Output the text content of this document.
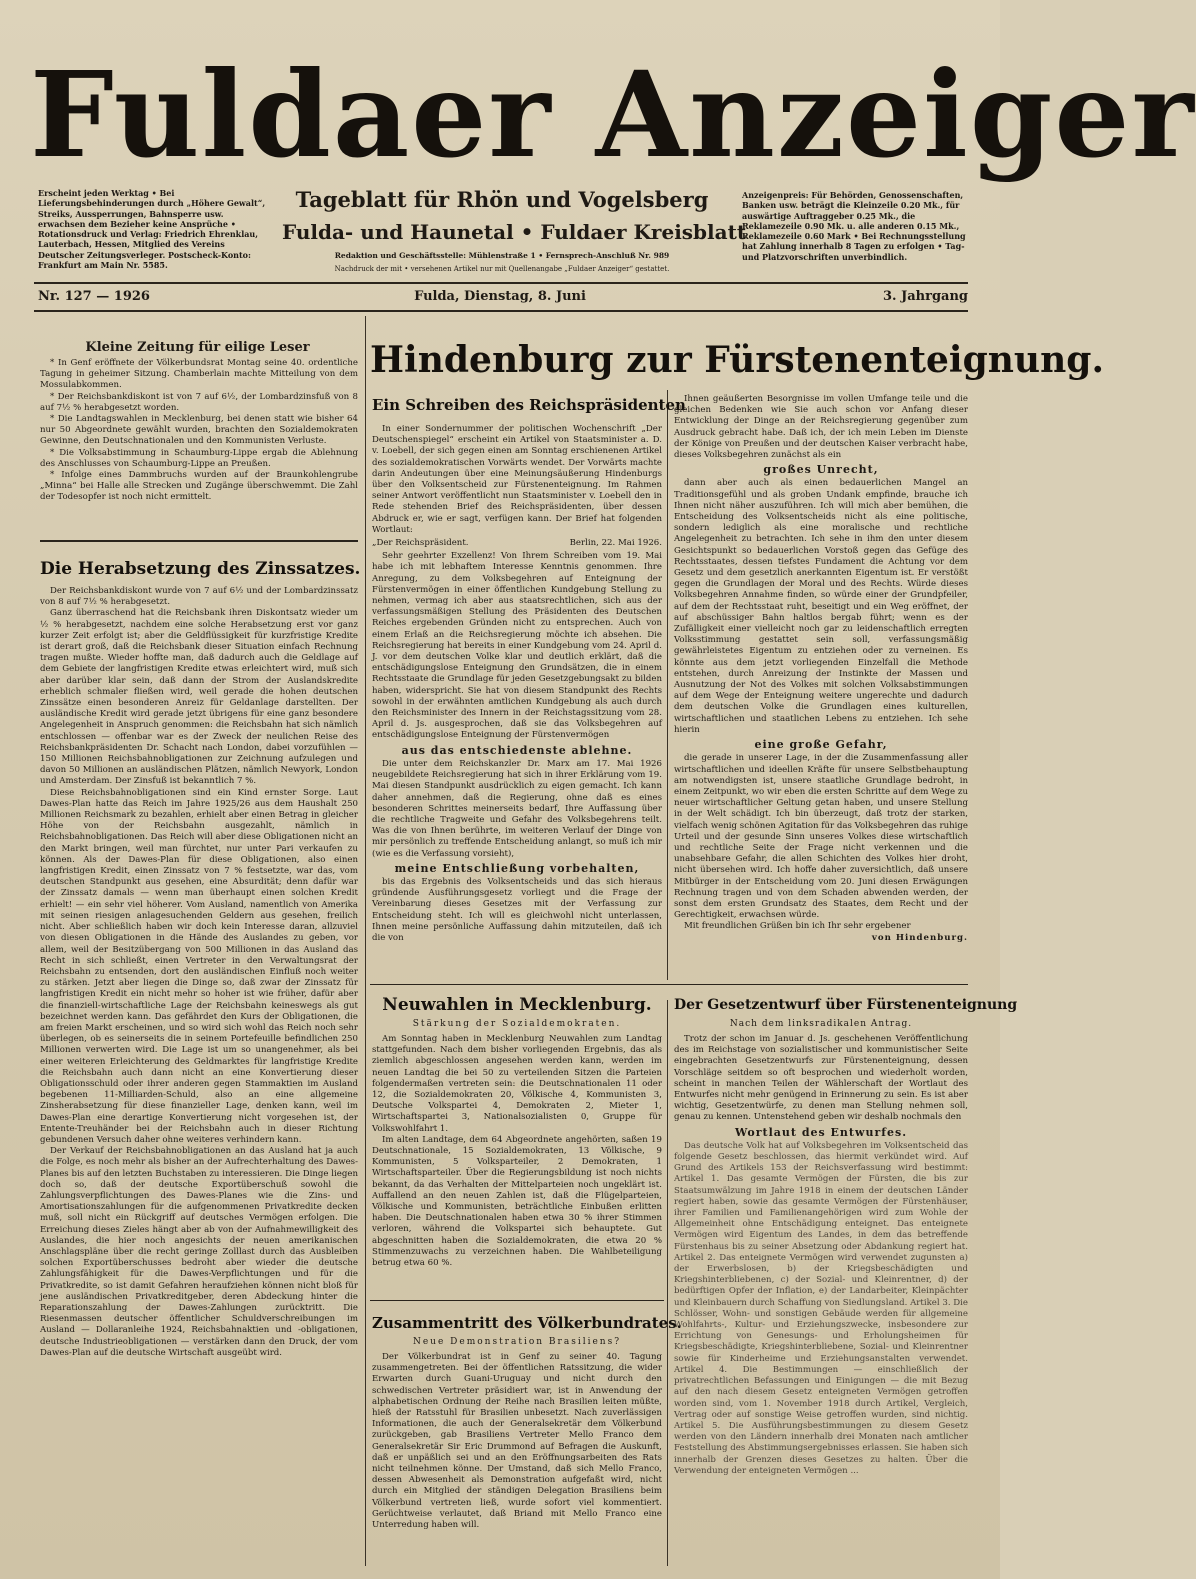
Fuldaer Anzeiger
Erscheint jeden Werktag • Bei Lieferungsbehinderungen durch „Höhere Gewalt“, Streiks, Aussperrungen, Bahnsperre usw. erwachsen dem Bezieher keine Ansprüche • Rotationsdruck und Verlag: Friedrich Ehrenklau, Lauterbach, Hessen, Mitglied des Vereins Deutscher Zeitungsverleger. Postscheck-Konto: Frankfurt am Main Nr. 5585.
Tageblatt für Rhön und Vogelsberg
Fulda- und Haunetal • Fuldaer Kreisblatt
Redaktion und Geschäftsstelle: Mühlenstraße 1 • Fernsprech-Anschluß Nr. 989
Nachdruck der mit • versehenen Artikel nur mit Quellenangabe „Fuldaer Anzeiger“ gestattet.
Anzeigenpreis: Für Behörden, Genossenschaften, Banken usw. beträgt die Kleinzeile 0.20 Mk., für auswärtige Auftraggeber 0.25 Mk., die Reklamezeile 0.90 Mk. u. alle anderen 0.15 Mk., Reklamezeile 0.60 Mark • Bei Rechnungsstellung hat Zahlung innerhalb 8 Tagen zu erfolgen • Tag- und Platzvorschriften unverbindlich.
Nr. 127 — 1926	Fulda, Dienstag, 8. Juni	3. Jahrgang
Kleine Zeitung für eilige Leser

* In Genf eröffnete der Völkerbundsrat Montag seine 40. ordentliche Tagung in geheimer Sitzung. Chamberlain machte Mitteilung von dem Mossulabkommen.

* Der Reichsbankdiskont ist von 7 auf 6½, der Lombardzinsfuß von 8 auf 7½ % herabgesetzt worden.

* Die Landtagswahlen in Mecklenburg, bei denen statt wie bisher 64 nur 50 Abgeordnete gewählt wurden, brachten den Sozialdemokraten Gewinne, den Deutschnationalen und den Kommunisten Verluste.

* Die Volksabstimmung in Schaumburg-Lippe ergab die Ablehnung des Anschlusses von Schaumburg-Lippe an Preußen.

* Infolge eines Dammbruchs wurden auf der Braunkohlengrube „Minna“ bei Halle alle Strecken und Zugänge überschwemmt. Die Zahl der Todesopfer ist noch nicht ermittelt.

Die Herabsetzung des Zinssatzes.

Der Reichsbankdiskont wurde von 7 auf 6½ und der Lombardzinssatz von 8 auf 7½ % herabgesetzt.

Ganz überraschend hat die Reichsbank ihren Diskontsatz wieder um ½ % herabgesetzt, nachdem eine solche Herabsetzung erst vor ganz kurzer Zeit erfolgt ist; aber die Geldflüssigkeit für kurzfristige Kredite ist derart groß, daß die Reichsbank dieser Situation einfach Rechnung tragen mußte. Wieder hoffte man, daß dadurch auch die Geldlage auf dem Gebiete der langfristigen Kredite etwas erleichtert wird, muß sich aber darüber klar sein, daß dann der Strom der Auslandskredite erheblich schmaler fließen wird, weil gerade die hohen deutschen Zinssätze einen besonderen Anreiz für Geldanlage darstellten. Der ausländische Kredit wird gerade jetzt übrigens für eine ganz besondere Angelegenheit in Anspruch genommen: die Reichsbahn hat sich nämlich entschlossen — offenbar war es der Zweck der neulichen Reise des Reichsbankpräsidenten Dr. Schacht nach London, dabei vorzufühlen — 150 Millionen Reichsbahnobligationen zur Zeichnung aufzulegen und davon 50 Millionen an ausländischen Plätzen, nämlich Newyork, London und Amsterdam. Der Zinsfuß ist bekanntlich 7 %.

Diese Reichsbahnobligationen sind ein Kind ernster Sorge. Laut Dawes-Plan hatte das Reich im Jahre 1925/26 aus dem Haushalt 250 Millionen Reichsmark zu bezahlen, erhielt aber einen Betrag in gleicher Höhe von der Reichsbahn ausgezahlt, nämlich in Reichsbahnobligationen. Das Reich will aber diese Obligationen nicht an den Markt bringen, weil man fürchtet, nur unter Pari verkaufen zu können. Als der Dawes-Plan für diese Obligationen, also einen langfristigen Kredit, einen Zinssatz von 7 % festsetzte, war das, vom deutschen Standpunkt aus gesehen, eine Absurdität; denn dafür war der Zinssatz damals — wenn man überhaupt einen solchen Kredit erhielt! — ein sehr viel höherer. Vom Ausland, namentlich von Amerika mit seinen riesigen anlagesuchenden Geldern aus gesehen, freilich nicht. Aber schließlich haben wir doch kein Interesse daran, allzuviel von diesen Obligationen in die Hände des Auslandes zu geben, vor allem, weil der Besitzübergang von 500 Millionen in das Ausland das Recht in sich schließt, einen Vertreter in den Verwaltungsrat der Reichsbahn zu entsenden, dort den ausländischen Einfluß noch weiter zu stärken. Jetzt aber liegen die Dinge so, daß zwar der Zinssatz für langfristigen Kredit ein nicht mehr so hoher ist wie früher, dafür aber die finanziell-wirtschaftliche Lage der Reichsbahn keineswegs als gut bezeichnet werden kann. Das gefährdet den Kurs der Obligationen, die am freien Markt erscheinen, und so wird sich wohl das Reich noch sehr überlegen, ob es seinerseits die in seinem Portefeuille befindlichen 250 Millionen verwerten wird. Die Lage ist um so unangenehmer, als bei einer weiteren Erleichterung des Geldmarktes für langfristige Kredite die Reichsbahn auch dann nicht an eine Konvertierung dieser Obligationsschuld oder ihrer anderen gegen Stammaktien im Ausland begebenen 11-Milliarden-Schuld, also an eine allgemeine Zinsherabsetzung für diese finanzieller Lage, denken kann, weil im Dawes-Plan eine derartige Konvertierung nicht vorgesehen ist, der Entente-Treuhänder bei der Reichsbahn auch in dieser Richtung gebundenen Versuch daher ohne weiteres verhindern kann.

Der Verkauf der Reichsbahnobligationen an das Ausland hat ja auch die Folge, es noch mehr als bisher an der Aufrechterhaltung des Dawes-Planes bis auf den letzten Buchstaben zu interessieren. Die Dinge liegen doch so, daß der deutsche Exportüberschuß sowohl die Zahlungsverpflichtungen des Dawes-Planes wie die Zins- und Amortisationszahlungen für die aufgenommenen Privatkredite decken muß, soll nicht ein Rückgriff auf deutsches Vermögen erfolgen. Die Erreichung dieses Zieles hängt aber ab von der Aufnahmewilligkeit des Auslandes, die hier noch angesichts der neuen amerikanischen Anschlagspläne über die recht geringe Zolllast durch das Ausbleiben solchen Exportüberschusses bedroht aber wieder die deutsche Zahlungsfähigkeit für die Dawes-Verpflichtungen und für die Privatkredite, so ist damit Gefahren heraufziehen können nicht bloß für jene ausländischen Privatkreditgeber, deren Abdeckung hinter die Reparationszahlung der Dawes-Zahlungen zurücktritt. Die Riesenmassen deutscher öffentlicher Schuldverschreibungen im Ausland — Dollaranleihe 1924, Reichsbahnaktien und -obligationen, deutsche Industrieobligationen — verstärken dann den Druck, der vom Dawes-Plan auf die deutsche Wirtschaft ausgeübt wird.

Hindenburg zur Fürstenenteignung.
Ein Schreiben des Reichspräsidenten

In einer Sondernummer der politischen Wochenschrift „Der Deutschenspiegel“ erscheint ein Artikel von Staatsminister a. D. v. Loebell, der sich gegen einen am Sonntag erschienenen Artikel des sozialdemokratischen Vorwärts wendet. Der Vorwärts machte darin Andeutungen über eine Meinungsäußerung Hindenburgs über den Volksentscheid zur Fürstenenteignung. Im Rahmen seiner Antwort veröffentlicht nun Staatsminister v. Loebell den in Rede stehenden Brief des Reichspräsidenten, über dessen Abdruck er, wie er sagt, verfügen kann. Der Brief hat folgenden Wortlaut:

„Der Reichspräsident.	Berlin, 22. Mai 1926.

Sehr geehrter Exzellenz! Von Ihrem Schreiben vom 19. Mai habe ich mit lebhaftem Interesse Kenntnis genommen. Ihre Anregung, zu dem Volksbegehren auf Enteignung der Fürstenvermögen in einer öffentlichen Kundgebung Stellung zu nehmen, vermag ich aber aus staatsrechtlichen, sich aus der verfassungsmäßigen Stellung des Präsidenten des Deutschen Reiches ergebenden Gründen nicht zu entsprechen. Auch von einem Erlaß an die Reichsregierung möchte ich absehen. Die Reichsregierung hat bereits in einer Kundgebung vom 24. April d. J. vor dem deutschen Volke klar und deutlich erklärt, daß die entschädigungslose Enteignung den Grundsätzen, die in einem Rechtsstaate die Grundlage für jeden Gesetzgebungsakt zu bilden haben, widerspricht. Sie hat von diesem Standpunkt des Rechts sowohl in der erwähnten amtlichen Kundgebung als auch durch den Reichsminister des Innern in der Reichstagssitzung vom 28. April d. Js. ausgesprochen, daß sie das Volksbegehren auf entschädigungslose Enteignung der Fürstenvermögen

aus das entschiedenste ablehne.

Die unter dem Reichskanzler Dr. Marx am 17. Mai 1926 neugebildete Reichsregierung hat sich in ihrer Erklärung vom 19. Mai diesen Standpunkt ausdrücklich zu eigen gemacht. Ich kann daher annehmen, daß die Regierung, ohne daß es eines besonderen Schrittes meinerseits bedarf, Ihre Auffassung über die rechtliche Tragweite und Gefahr des Volksbegehrens teilt. Was die von Ihnen berührte, im weiteren Verlauf der Dinge von mir persönlich zu treffende Entscheidung anlangt, so muß ich mir (wie es die Verfassung vorsieht),

meine Entschließung vorbehalten,

bis das Ergebnis des Volksentscheids und das sich hieraus gründende Ausführungsgesetz vorliegt und die Frage der Vereinbarung dieses Gesetzes mit der Verfassung zur Entscheidung steht. Ich will es gleichwohl nicht unterlassen, Ihnen meine persönliche Auffassung dahin mitzuteilen, daß ich die von

Ihnen geäußerten Besorgnisse im vollen Umfange teile und die gleichen Bedenken wie Sie auch schon vor Anfang dieser Entwicklung der Dinge an der Reichsregierung gegenüber zum Ausdruck gebracht habe. Daß ich, der ich mein Leben im Dienste der Könige von Preußen und der deutschen Kaiser verbracht habe, dieses Volksbegehren zunächst als ein

großes Unrecht,

dann aber auch als einen bedauerlichen Mangel an Traditionsgefühl und als groben Undank empfinde, brauche ich Ihnen nicht näher auszuführen. Ich will mich aber bemühen, die Entscheidung des Volksentscheids nicht als eine politische, sondern lediglich als eine moralische und rechtliche Angelegenheit zu betrachten. Ich sehe in ihm den unter diesem Gesichtspunkt so bedauerlichen Vorstoß gegen das Gefüge des Rechtsstaates, dessen tiefstes Fundament die Achtung vor dem Gesetz und dem gesetzlich anerkannten Eigentum ist. Er verstößt gegen die Grundlagen der Moral und des Rechts. Würde dieses Volksbegehren Annahme finden, so würde einer der Grundpfeiler, auf dem der Rechtsstaat ruht, beseitigt und ein Weg eröffnet, der auf abschüssiger Bahn haltlos bergab führt; wenn es der Zufälligkeit einer vielleicht noch gar zu leidenschaftlich erregten Volksstimmung gestattet sein soll, verfassungsmäßig gewährleistetes Eigentum zu entziehen oder zu verneinen. Es könnte aus dem jetzt vorliegenden Einzelfall die Methode entstehen, durch Anreizung der Instinkte der Massen und Ausnutzung der Not des Volkes mit solchen Volksabstimmungen auf dem Wege der Enteignung weitere ungerechte und dadurch dem deutschen Volke die Grundlagen eines kulturellen, wirtschaftlichen und staatlichen Lebens zu entziehen. Ich sehe hierin

eine große Gefahr,

die gerade in unserer Lage, in der die Zusammenfassung aller wirtschaftlichen und ideellen Kräfte für unsere Selbstbehauptung am notwendigsten ist, unsere staatliche Grundlage bedroht, in einem Zeitpunkt, wo wir eben die ersten Schritte auf dem Wege zu neuer wirtschaftlicher Geltung getan haben, und unsere Stellung in der Welt schädigt. Ich bin überzeugt, daß trotz der starken, vielfach wenig schönen Agitation für das Volksbegehren das ruhige Urteil und der gesunde Sinn unseres Volkes diese wirtschaftlich und rechtliche Seite der Frage nicht verkennen und die unabsehbare Gefahr, die allen Schichten des Volkes hier droht, nicht übersehen wird. Ich hoffe daher zuversichtlich, daß unsere Mitbürger in der Entscheidung vom 20. Juni diesen Erwägungen Rechnung tragen und von dem Schaden abwenden werden, der sonst dem ersten Grundsatz des Staates, dem Recht und der Gerechtigkeit, erwachsen würde.

Mit freundlichen Grüßen bin ich Ihr sehr ergebener

von Hindenburg.
Neuwahlen in Mecklenburg.
Stärkung der Sozialdemokraten.

Am Sonntag haben in Mecklenburg Neuwahlen zum Landtag stattgefunden. Nach dem bisher vorliegenden Ergebnis, das als ziemlich abgeschlossen angesehen werden kann, werden im neuen Landtag die bei 50 zu verteilenden Sitzen die Parteien folgendermaßen vertreten sein: die Deutschnationalen 11 oder 12, die Sozialdemokraten 20, Völkische 4, Kommunisten 3, Deutsche Volkspartei 4, Demokraten 2, Mieter 1, Wirtschaftspartei 3, Nationalsozialisten 0, Gruppe für Volkswohlfahrt 1.

Im alten Landtage, dem 64 Abgeordnete angehörten, saßen 19 Deutschnationale, 15 Sozialdemokraten, 13 Völkische, 9 Kommunisten, 5 Volksparteiler, 2 Demokraten, 1 Wirtschaftsparteiler. Über die Regierungsbildung ist noch nichts bekannt, da das Verhalten der Mittelparteien noch ungeklärt ist. Auffallend an den neuen Zahlen ist, daß die Flügelparteien, Völkische und Kommunisten, beträchtliche Einbußen erlitten haben. Die Deutschnationalen haben etwa 30 % ihrer Stimmen verloren, während die Volkspartei sich behauptete. Gut abgeschnitten haben die Sozialdemokraten, die etwa 20 % Stimmenzuwachs zu verzeichnen haben. Die Wahlbeteiligung betrug etwa 60 %.

Zusammentritt des Völkerbundrates.
Neue Demonstration Brasiliens?

Der Völkerbundrat ist in Genf zu seiner 40. Tagung zusammengetreten. Bei der öffentlichen Ratssitzung, die wider Erwarten durch Guani-Uruguay und nicht durch den schwedischen Vertreter präsidiert war, ist in Anwendung der alphabetischen Ordnung der Reihe nach Brasilien leiten müßte, hieß der Ratsstuhl für Brasilien unbesetzt. Nach zuverlässigen Informationen, die auch der Generalsekretär dem Völkerbund zurückgeben, gab Brasiliens Vertreter Mello Franco dem Generalsekretär Sir Eric Drummond auf Befragen die Auskunft, daß er unpäßlich sei und an den Eröffnungsarbeiten des Rats nicht teilnehmen könne. Der Umstand, daß sich Mello Franco, dessen Abwesenheit als Demonstration aufgefaßt wird, nicht durch ein Mitglied der ständigen Delegation Brasiliens beim Völkerbund vertreten ließ, wurde sofort viel kommentiert. Gerüchtweise verlautet, daß Briand mit Mello Franco eine Unterredung haben will.

Der Gesetzentwurf über Fürstenenteignung
Nach dem linksradikalen Antrag.

Trotz der schon im Januar d. Js. geschehenen Veröffentlichung des im Reichstage von sozialistischer und kommunistischer Seite eingebrachten Gesetzentwurfs zur Fürstenenteignung, dessen Vorschläge seitdem so oft besprochen und wiederholt worden, scheint in manchen Teilen der Wählerschaft der Wortlaut des Entwurfes nicht mehr genügend in Erinnerung zu sein. Es ist aber wichtig, Gesetzentwürfe, zu denen man Stellung nehmen soll, genau zu kennen. Untenstehend geben wir deshalb nochmals den

Wortlaut des Entwurfes.

Das deutsche Volk hat auf Volksbegehren im Volksentscheid das folgende Gesetz beschlossen, das hiermit verkündet wird. Auf Grund des Artikels 153 der Reichsverfassung wird bestimmt: Artikel 1. Das gesamte Vermögen der Fürsten, die bis zur Staatsumwälzung im Jahre 1918 in einem der deutschen Länder regiert haben, sowie das gesamte Vermögen der Fürstenhäuser, ihrer Familien und Familienangehörigen wird zum Wohle der Allgemeinheit ohne Entschädigung enteignet. Das enteignete Vermögen wird Eigentum des Landes, in dem das betreffende Fürstenhaus bis zu seiner Absetzung oder Abdankung regiert hat. Artikel 2. Das enteignete Vermögen wird verwendet zugunsten a) der Erwerbslosen, b) der Kriegsbeschädigten und Kriegshinterbliebenen, c) der Sozial- und Kleinrentner, d) der bedürftigen Opfer der Inflation, e) der Landarbeiter, Kleinpächter und Kleinbauern durch Schaffung von Siedlungsland. Artikel 3. Die Schlösser, Wohn- und sonstigen Gebäude werden für allgemeine Wohlfahrts-, Kultur- und Erziehungszwecke, insbesondere zur Errichtung von Genesungs- und Erholungsheimen für Kriegsbeschädigte, Kriegshinterbliebene, Sozial- und Kleinrentner sowie für Kinderheime und Erziehungsanstalten verwendet. Artikel 4. Die Bestimmungen — einschließlich der privatrechtlichen Befassungen und Einigungen — die mit Bezug auf den nach diesem Gesetz enteigneten Vermögen getroffen worden sind, vom 1. November 1918 durch Artikel, Vergleich, Vertrag oder auf sonstige Weise getroffen wurden, sind nichtig. Artikel 5. Die Ausführungsbestimmungen zu diesem Gesetz werden von den Ländern innerhalb drei Monaten nach amtlicher Feststellung des Abstimmungsergebnisses erlassen. Sie haben sich innerhalb der Grenzen dieses Gesetzes zu halten. Über die Verwendung der enteigneten Vermögen ...
